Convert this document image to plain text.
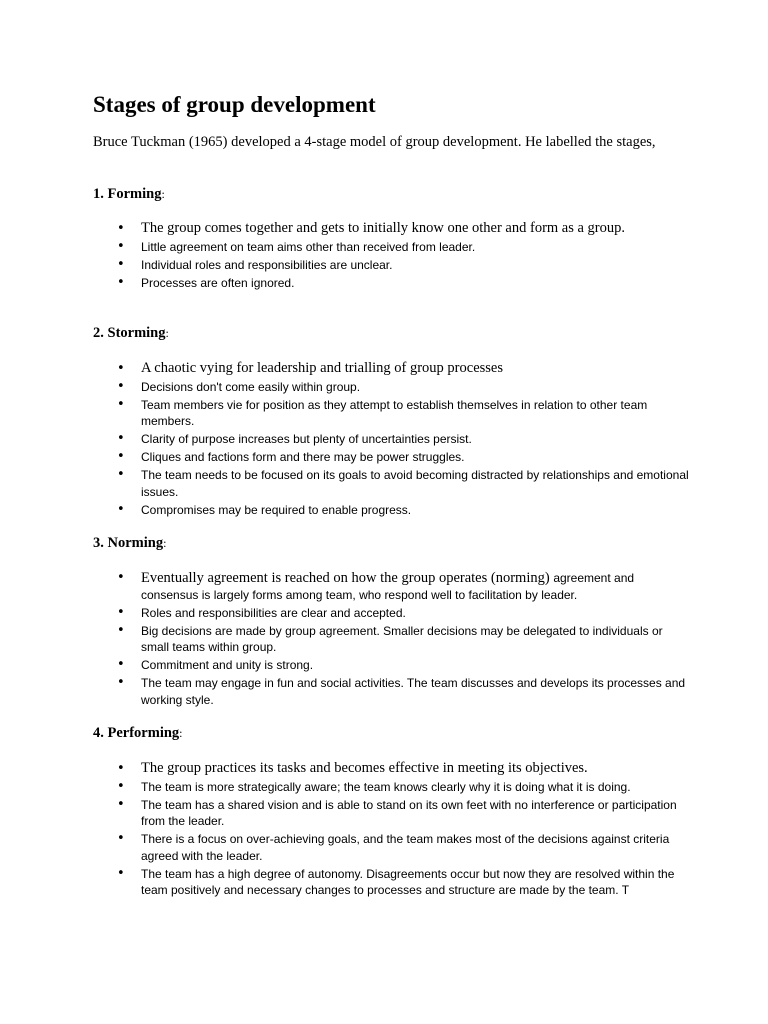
Stages of group development

Bruce Tuckman (1965) developed a 4-stage model of group development. He labelled the stages,

1. Forming:

• The group comes together and gets to initially know one other and form as a group.
• Little agreement on team aims other than received from leader.
• Individual roles and responsibilities are unclear.
• Processes are often ignored.

2. Storming:

• A chaotic vying for leadership and trialling of group processes
• Decisions don't come easily within group.
• Team members vie for position as they attempt to establish themselves in relation to other team members.
• Clarity of purpose increases but plenty of uncertainties persist.
• Cliques and factions form and there may be power struggles.
• The team needs to be focused on its goals to avoid becoming distracted by relationships and emotional issues.
• Compromises may be required to enable progress.

3. Norming:

• Eventually agreement is reached on how the group operates (norming) agreement and consensus is largely forms among team, who respond well to facilitation by leader.
• Roles and responsibilities are clear and accepted.
• Big decisions are made by group agreement. Smaller decisions may be delegated to individuals or small teams within group.
• Commitment and unity is strong.
• The team may engage in fun and social activities. The team discusses and develops its processes and working style.

4. Performing:

• The group practices its tasks and becomes effective in meeting its objectives.
• The team is more strategically aware; the team knows clearly why it is doing what it is doing.
• The team has a shared vision and is able to stand on its own feet with no interference or participation from the leader.
• There is a focus on over-achieving goals, and the team makes most of the decisions against criteria agreed with the leader.
• The team has a high degree of autonomy. Disagreements occur but now they are resolved within the team positively and necessary changes to processes and structure are made by the team. T
